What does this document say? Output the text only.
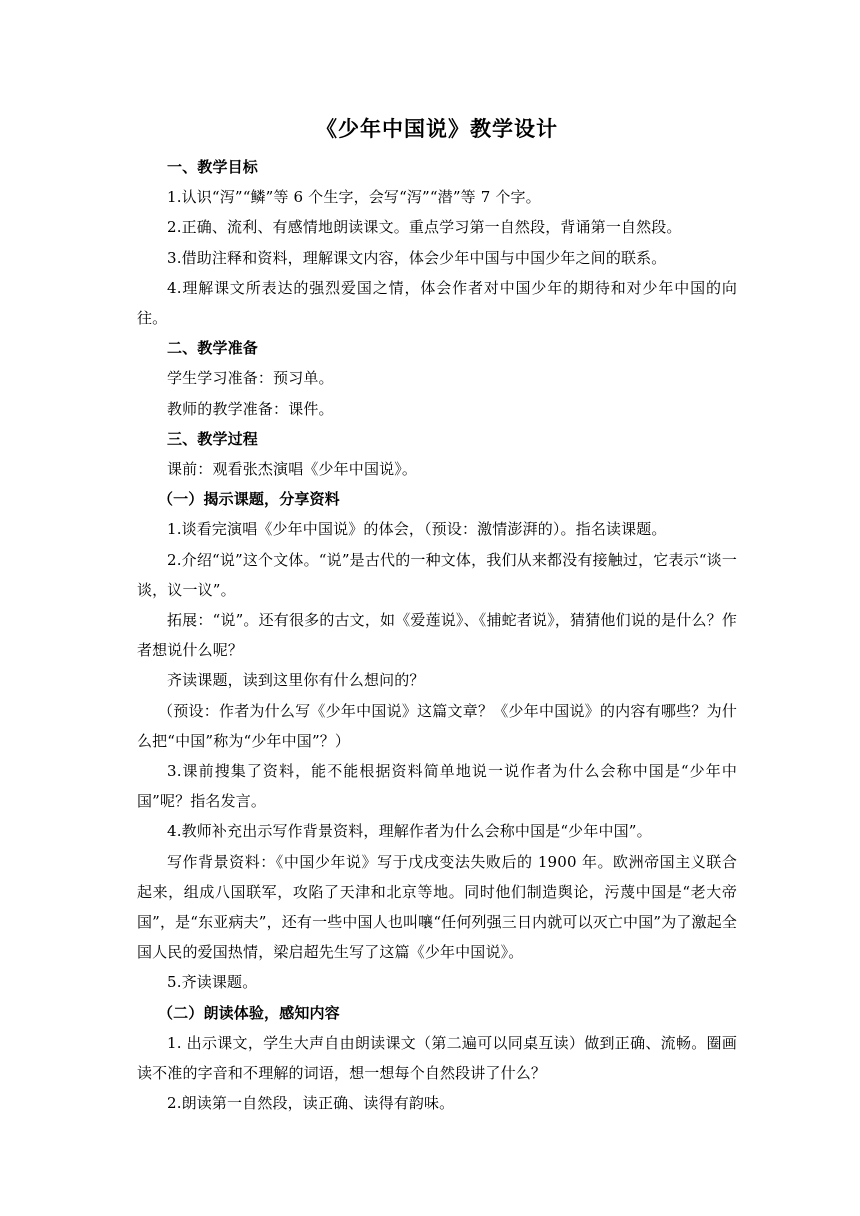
《少年中国说》教学设计
一、教学目标
1.认识“泻”“鳞”等 6 个生字，会写“泻”“潜”等 7 个字。
2.正确、流利、有感情地朗读课文。重点学习第一自然段，背诵第一自然段。
3.借助注释和资料，理解课文内容，体会少年中国与中国少年之间的联系。
4.理解课文所表达的强烈爱国之情，体会作者对中国少年的期待和对少年中国的向往。
二、教学准备
学生学习准备：预习单。
教师的教学准备：课件。
三、教学过程
课前：观看张杰演唱《少年中国说》。
（一）揭示课题，分享资料
1.谈看完演唱《少年中国说》的体会，（预设：激情澎湃的）。指名读课题。
2.介绍“说”这个文体。“说”是古代的一种文体，我们从来都没有接触过，它表示“谈一谈，议一议”。
拓展：“说”。还有很多的古文，如《爱莲说》、《捕蛇者说》，猜猜他们说的是什么？作者想说什么呢？
齐读课题，读到这里你有什么想问的？
（预设：作者为什么写《少年中国说》这篇文章？《少年中国说》的内容有哪些？为什么把“中国”称为“少年中国”？）
3.课前搜集了资料，能不能根据资料简单地说一说作者为什么会称中国是“少年中国”呢？指名发言。
4.教师补充出示写作背景资料，理解作者为什么会称中国是“少年中国”。
写作背景资料：《中国少年说》写于戊戌变法失败后的 1900 年。欧洲帝国主义联合起来，组成八国联军，攻陷了天津和北京等地。同时他们制造舆论，污蔑中国是“老大帝国”，是“东亚病夫”，还有一些中国人也叫嚷“任何列强三日内就可以灭亡中国”为了激起全国人民的爱国热情，梁启超先生写了这篇《少年中国说》。
5.齐读课题。
（二）朗读体验，感知内容
1. 出示课文，学生大声自由朗读课文（第二遍可以同桌互读）做到正确、流畅。圈画读不准的字音和不理解的词语，想一想每个自然段讲了什么？
2.朗读第一自然段，读正确、读得有韵味。
